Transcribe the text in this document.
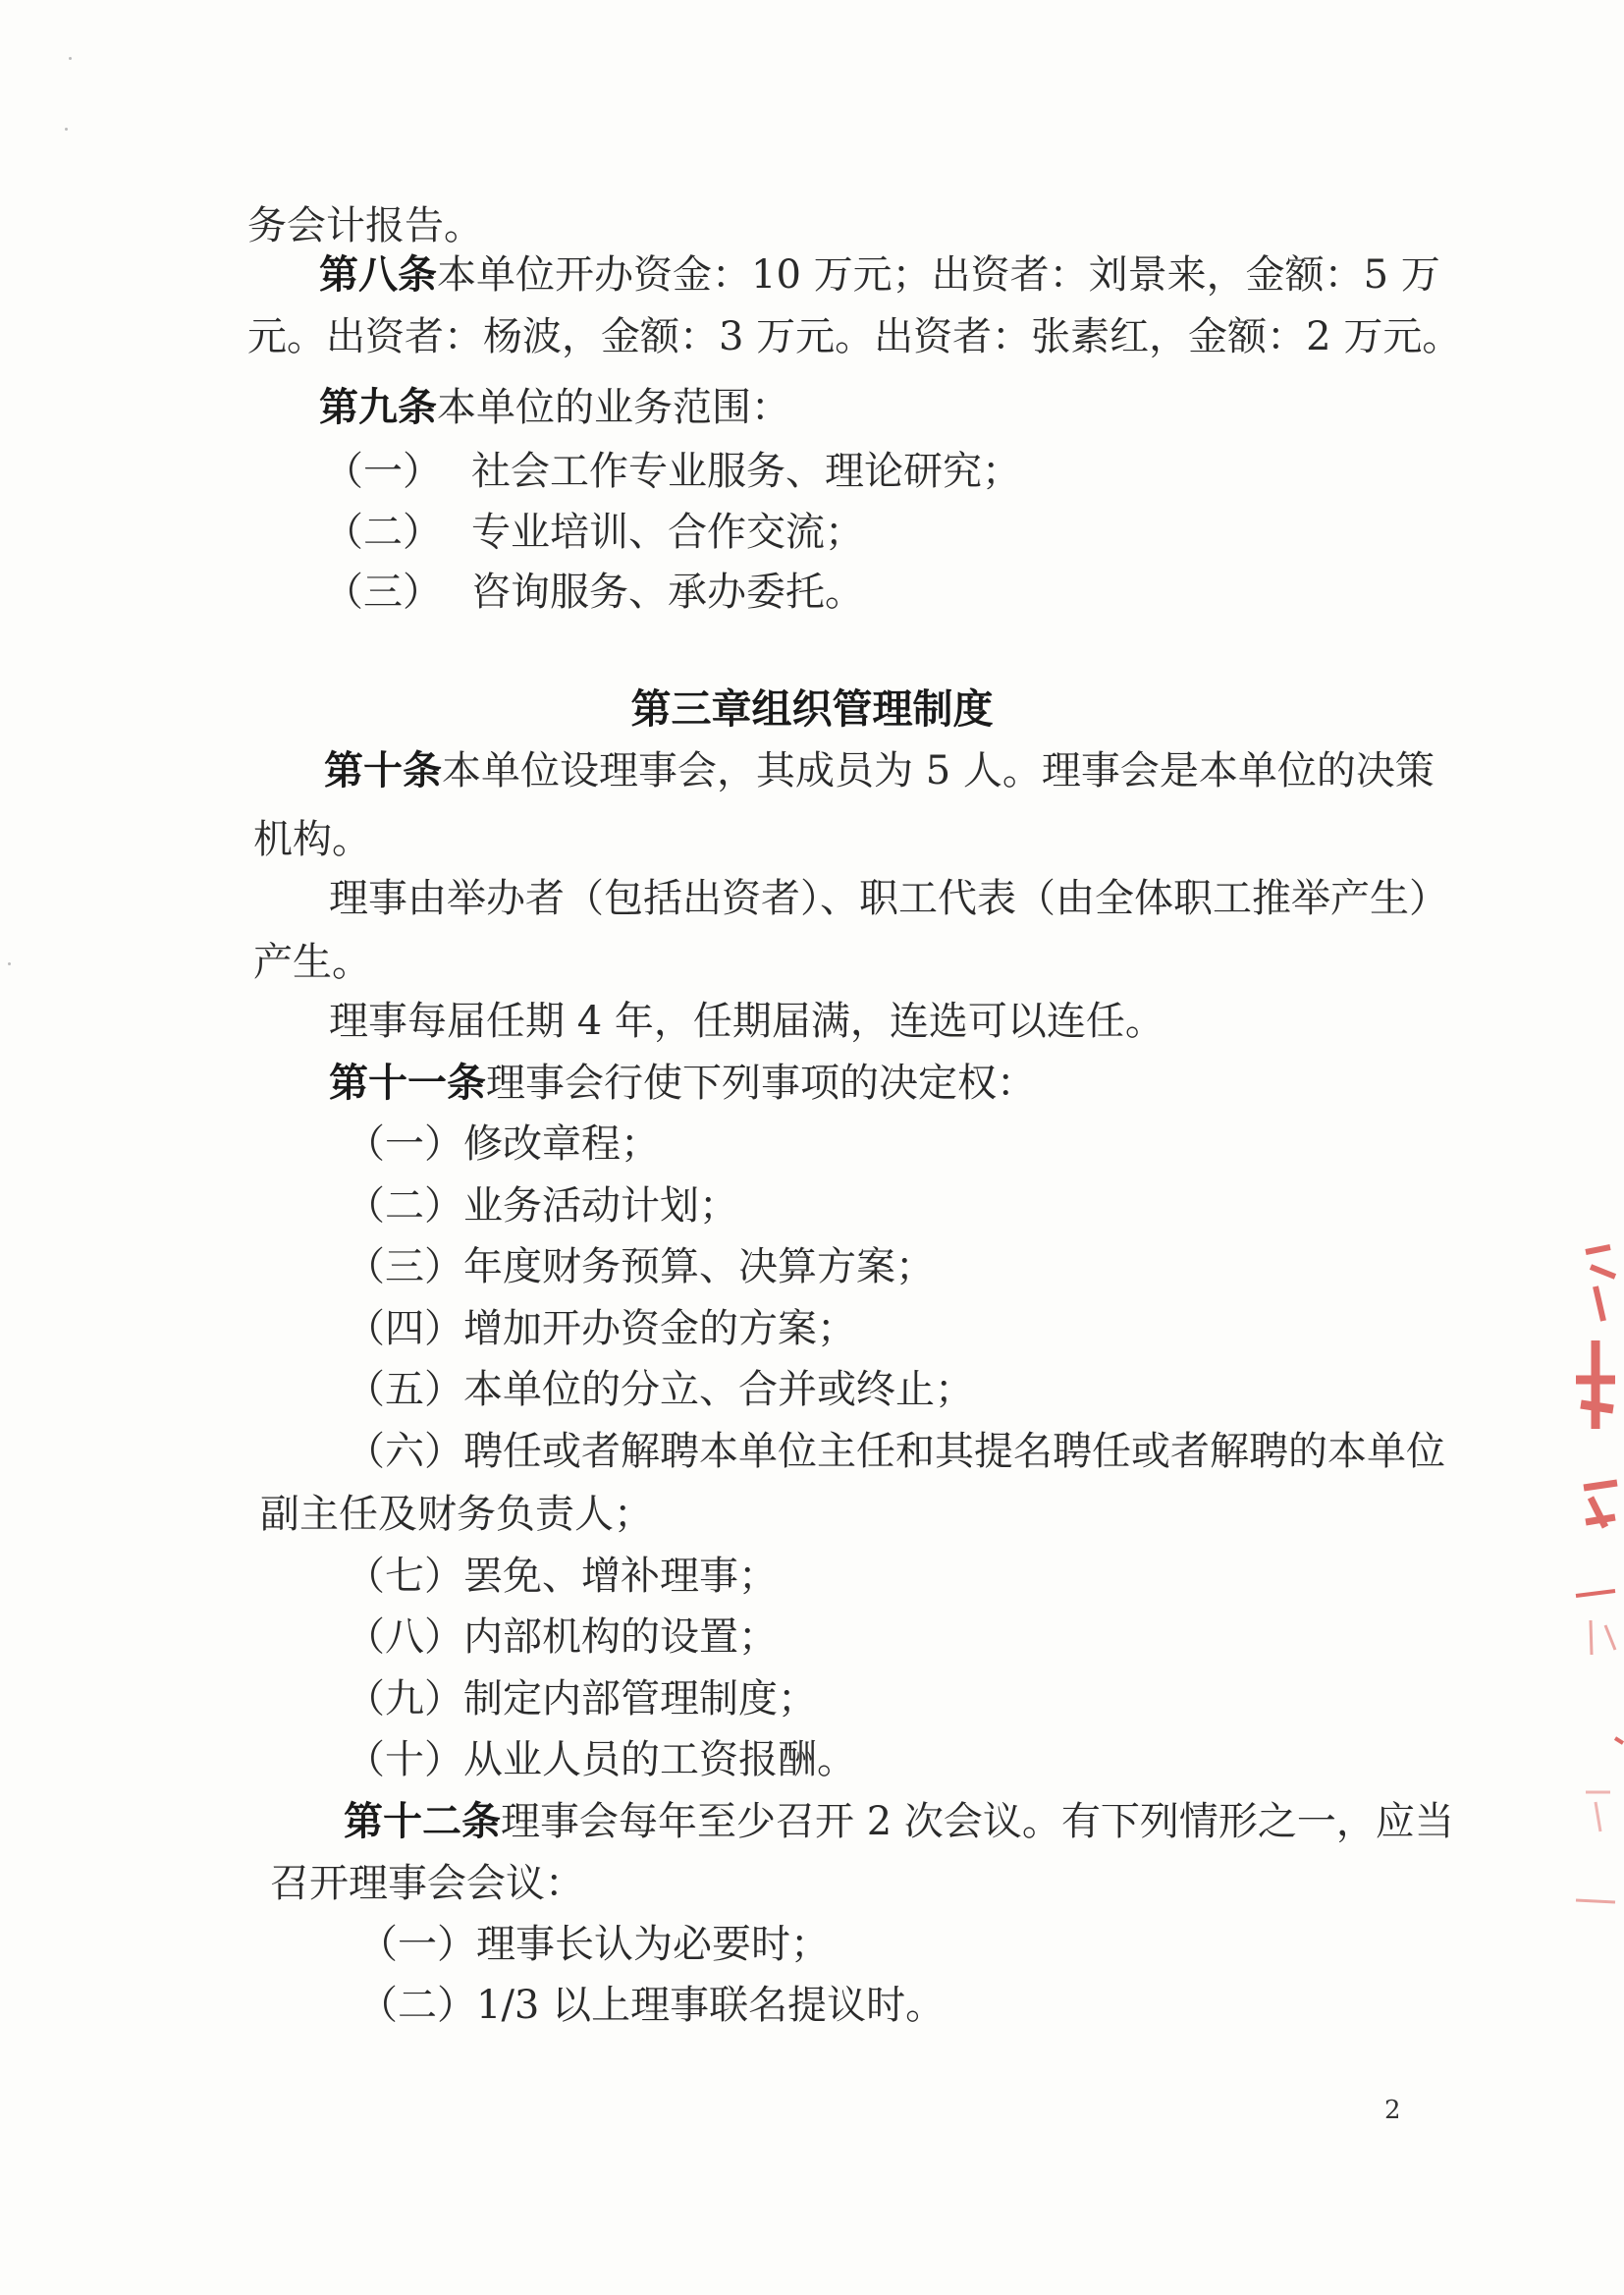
务会计报告。
第八条本单位开办资金：10 万元；出资者：刘景来，金额：5 万
元。出资者：杨波，金额：3 万元。出资者：张素红，金额：2 万元。
第九条本单位的业务范围：
（一） 社会工作专业服务、理论研究；
（二） 专业培训、合作交流；
（三） 咨询服务、承办委托。
第三章组织管理制度
第十条本单位设理事会，其成员为 5 人。理事会是本单位的决策
机构。
理事由举办者（包括出资者）、职工代表（由全体职工推举产生）
产生。
理事每届任期 4 年，任期届满，连选可以连任。
第十一条理事会行使下列事项的决定权：
（一）修改章程；
（二）业务活动计划；
（三）年度财务预算、决算方案；
（四）增加开办资金的方案；
（五）本单位的分立、合并或终止；
（六）聘任或者解聘本单位主任和其提名聘任或者解聘的本单位
副主任及财务负责人；
（七）罢免、增补理事；
（八）内部机构的设置；
（九）制定内部管理制度；
（十）从业人员的工资报酬。
第十二条理事会每年至少召开 2 次会议。有下列情形之一，应当
召开理事会会议：
（一）理事长认为必要时；
（二）1/3 以上理事联名提议时。
2
